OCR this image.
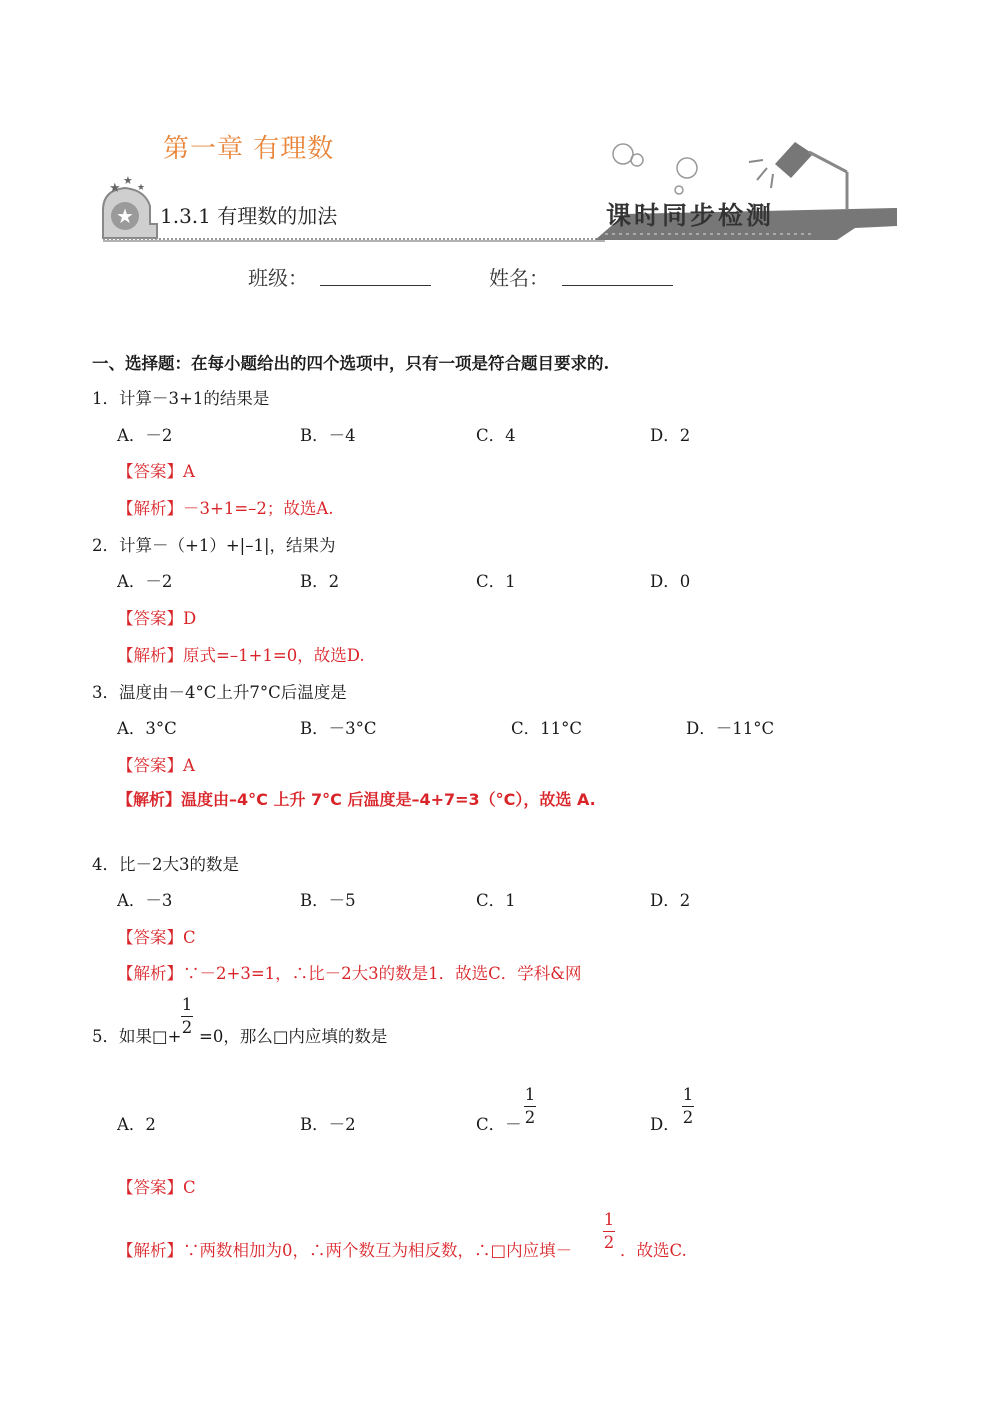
★
★
★
★
第一章 有理数
1.3.1 有理数的加法	课时同步检测
班级：	姓名：
一、选择题：在每小题给出的四个选项中，只有一项是符合题目要求的.
1．计算－3+1的结果是
A．－2	B．－4	C．4	D．2
【答案】A
【解析】－3+1=–2；故选A.
2．计算－（+1）+|–1|，结果为
A．－2	B．2	C．1	D．0
【答案】D
【解析】原式=–1+1=0，故选D.
3．温度由－4°C上升7°C后温度是
A．3°C	B．－3°C	C．11°C	D．－11°C
【答案】A
【解析】温度由–4°C 上升 7°C 后温度是–4+7=3（°C），故选 A.
4．比－2大3的数是
A．－3	B．－5	C．1	D．2
【答案】C
【解析】∵－2+3=1，∴比－2大3的数是1．故选C．学科&网
5．如果□+
1
2 =0，那么□内应填的数是
A．2	B．－2	C．－
1
2	D．
1
2
【答案】C
【解析】∵两数相加为0，∴两个数互为相反数，∴□内应填－
1
2 ．故选C.
